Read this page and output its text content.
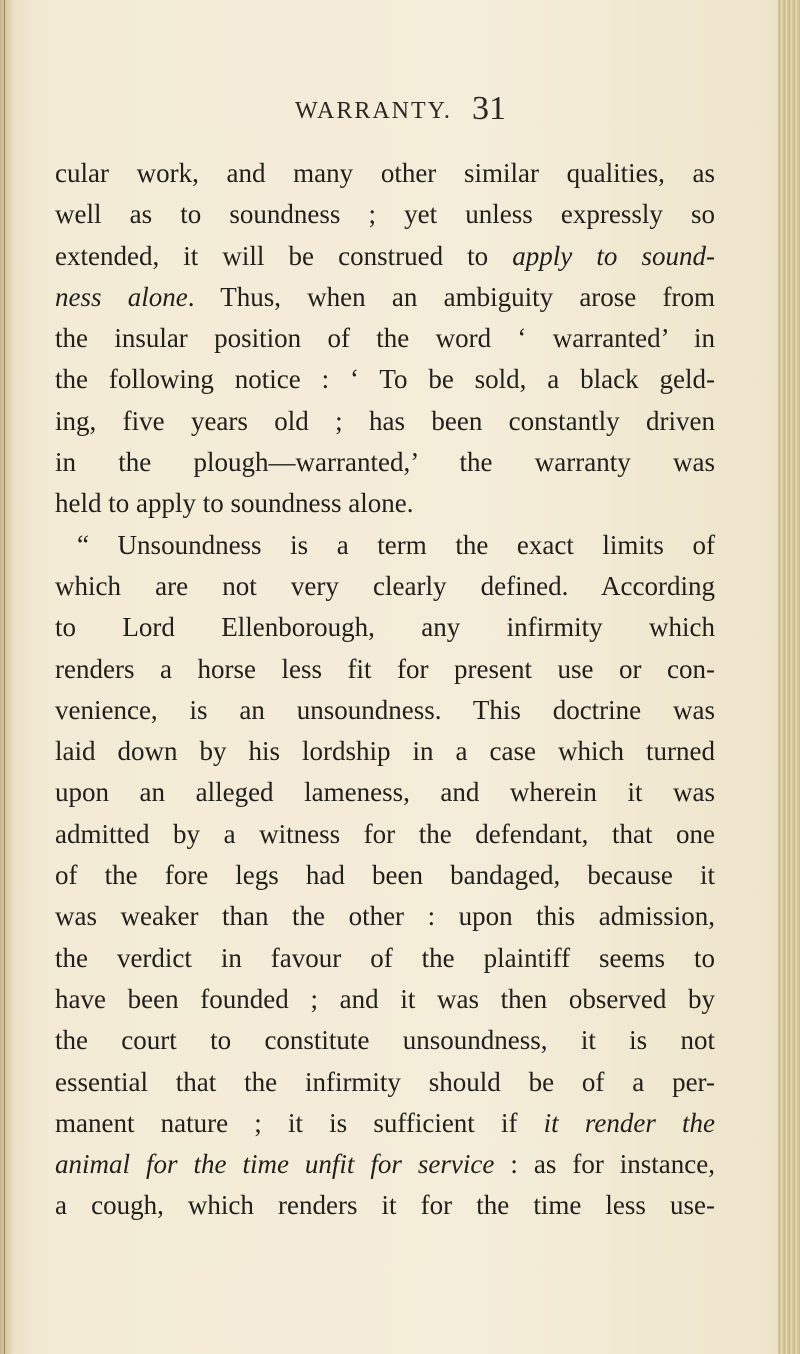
WARRANTY. 31
cular work, and many other similar qualities, as
well as to soundness ; yet unless expressly so
extended, it will be construed to apply to sound-
ness alone. Thus, when an ambiguity arose from
the insular position of the word ‘ warranted’ in
the following notice : ‘ To be sold, a black geld-
ing, five years old ; has been constantly driven
in the plough—warranted,’ the warranty was
held to apply to soundness alone.
“ Unsoundness is a term the exact limits of
which are not very clearly defined. According
to Lord Ellenborough, any infirmity which
renders a horse less fit for present use or con-
venience, is an unsoundness. This doctrine was
laid down by his lordship in a case which turned
upon an alleged lameness, and wherein it was
admitted by a witness for the defendant, that one
of the fore legs had been bandaged, because it
was weaker than the other : upon this admission,
the verdict in favour of the plaintiff seems to
have been founded ; and it was then observed by
the court to constitute unsoundness, it is not
essential that the infirmity should be of a per-
manent nature ; it is sufficient if it render the
animal for the time unfit for service : as for instance,
a cough, which renders it for the time less use-
